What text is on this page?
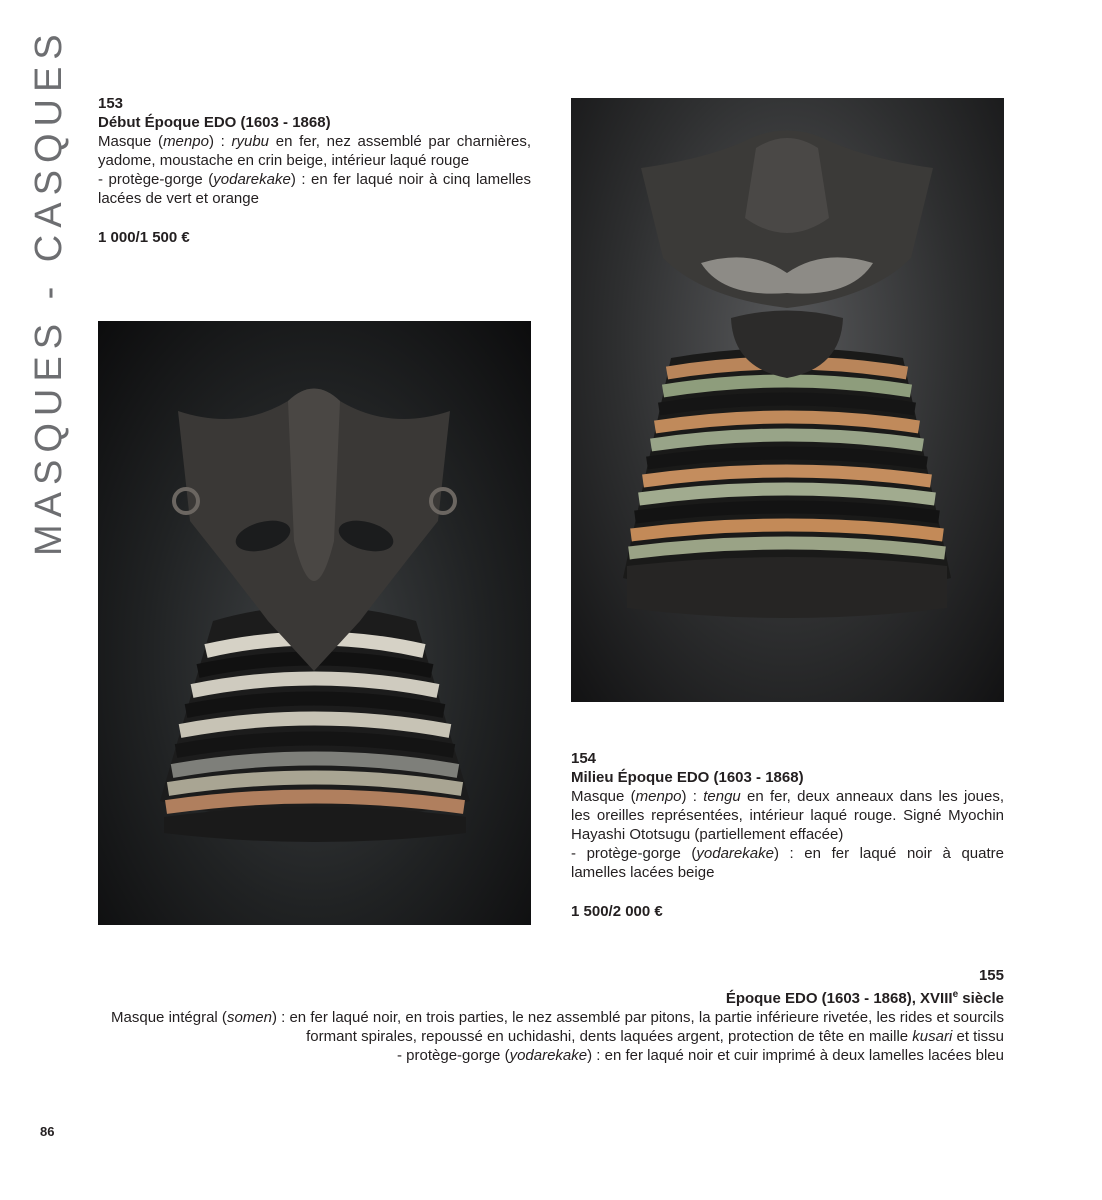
MASQUES - CASQUES 153
Début Époque EDO (1603 - 1868)

Masque (menpo) : ryubu en fer, nez assemblé par charnières, yadome, moustache en crin beige, intérieur laqué rouge

- protège-gorge (yodarekake) : en fer laqué noir à cinq lamelles lacées de vert et orange

1 000/1 500 €
154
Milieu Époque EDO (1603 - 1868)

Masque (menpo) : tengu en fer, deux anneaux dans les joues, les oreilles représentées, intérieur laqué rouge. Signé Myochin Hayashi Ototsugu (partiellement effacée)

- protège-gorge (yodarekake) : en fer laqué noir à quatre lamelles lacées beige

1 500/2 000 €
155
Époque EDO (1603 - 1868), XVIIIe siècle

Masque intégral (somen) : en fer laqué noir, en trois parties, le nez assemblé par pitons, la partie inférieure rivetée, les rides et sourcils formant spirales, repoussé en uchidashi, dents laquées argent, protection de tête en maille kusari et tissu

- protège-gorge (yodarekake) : en fer laqué noir et cuir imprimé à deux lamelles lacées bleu

86
